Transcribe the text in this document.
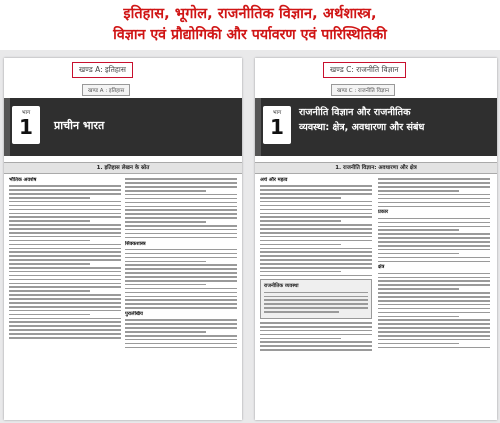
इतिहास, भूगोल, राजनीतिक विज्ञान, अर्थशास्त्र,
विज्ञान एवं प्रौद्योगिकी और पर्यावरण एवं पारिस्थितिकी
खण्ड A: इतिहास
खण्ड A : इतिहास
भाग
1	प्राचीन भारत
1. इतिहास लेखन के स्रोत
भौतिक अवशेष
सिक्कशास्त्र
पुरालेखिय
खण्ड C: राजनीति विज्ञान
खण्ड C : राजनीति विज्ञान
भाग
1
राजनीति विज्ञान और राजनीतिक
व्यवस्था: क्षेत्र, अवधारणा और संबंध
1. राजनीति विज्ञान: अवधारणा और क्षेत्र
अर्थ और महत्व
राजनीतिक व्यवस्था
प्रकार
क्षेत्र
